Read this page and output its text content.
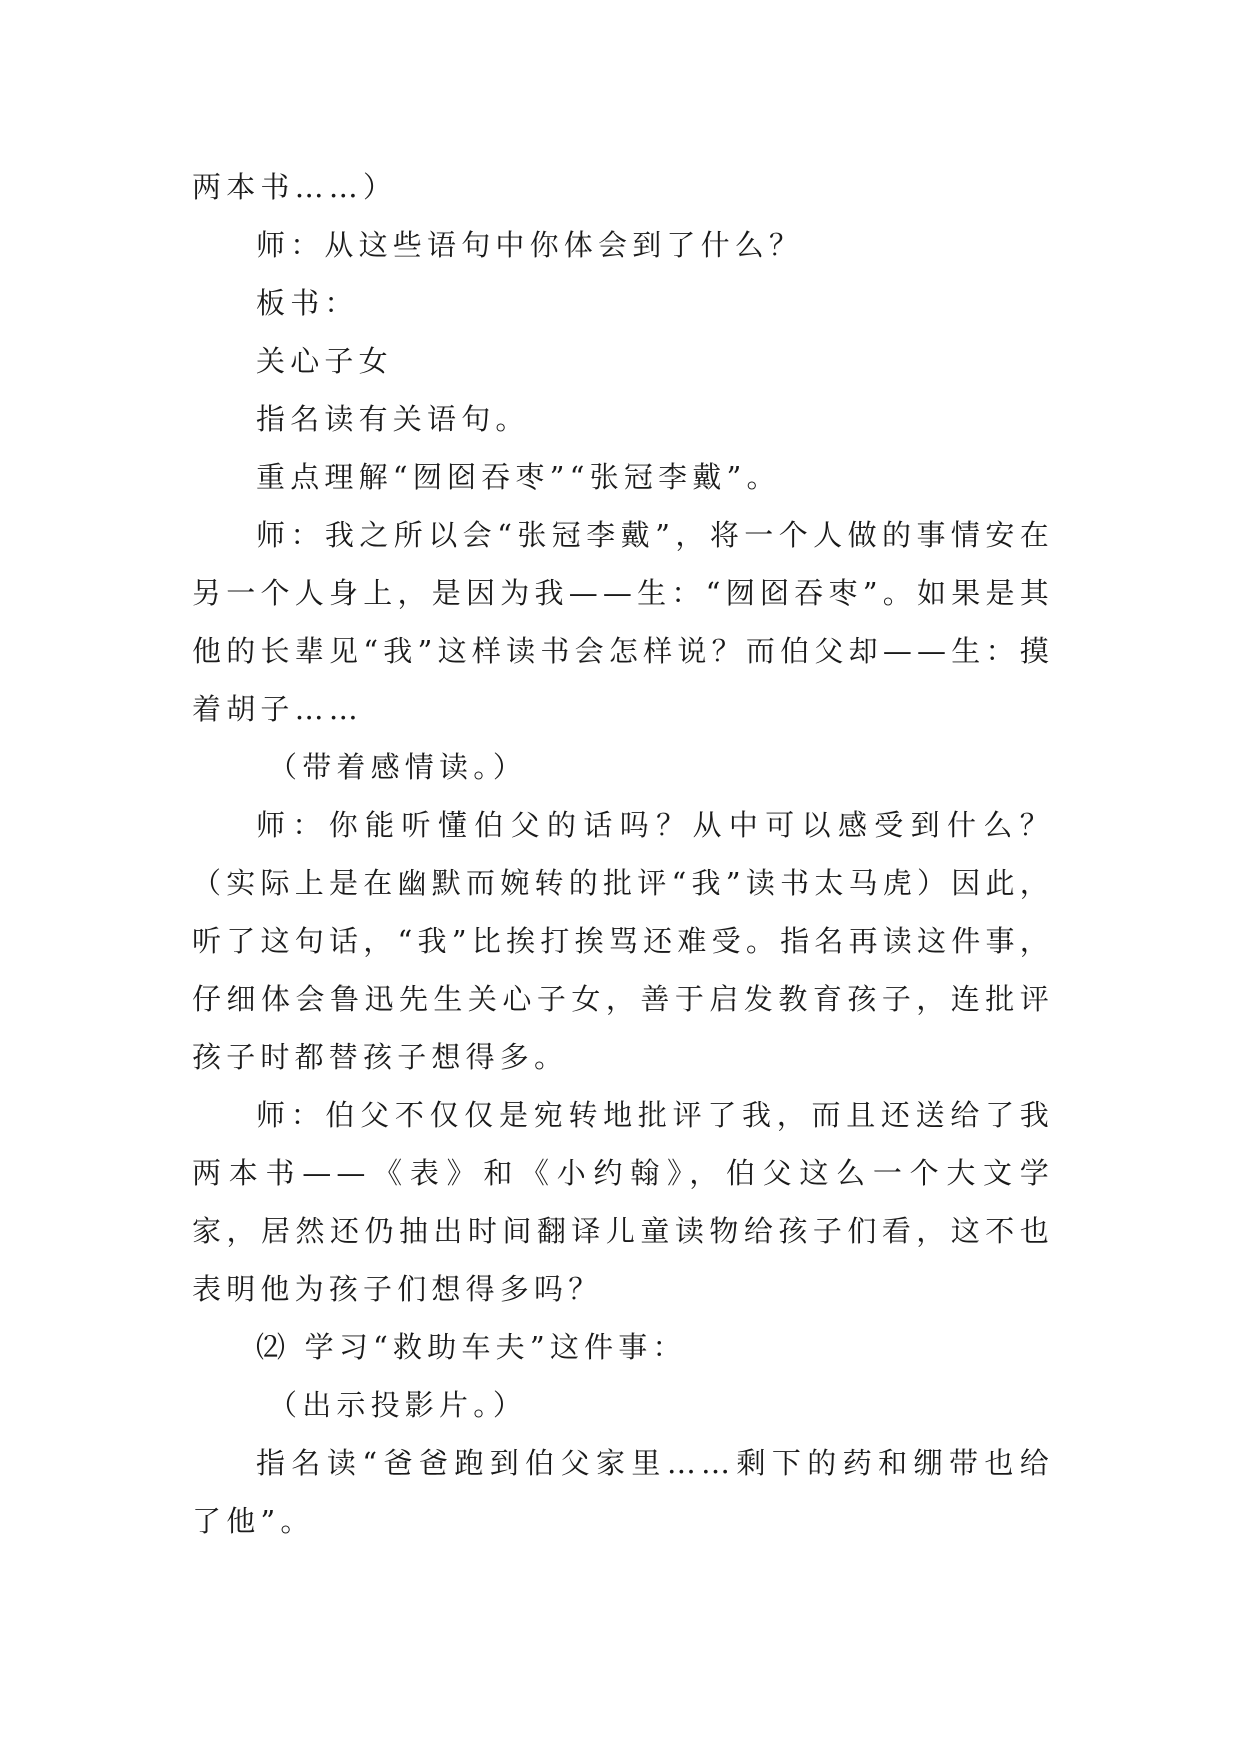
两本书……）

师：从这些语句中你体会到了什么？

板书：

关心子女

指名读有关语句。

重点理解“囫囵吞枣”“张冠李戴”。

师：我之所以会“张冠李戴”，将一个人做的事情安在另一个人身上，是因为我——生：“囫囵吞枣”。如果是其他的长辈见“我”这样读书会怎样说？而伯父却——生：摸着胡子……

（带着感情读。）

师：你能听懂伯父的话吗？从中可以感受到什么？（实际上是在幽默而婉转的批评“我”读书太马虎）因此，听了这句话，“我”比挨打挨骂还难受。指名再读这件事，仔细体会鲁迅先生关心子女，善于启发教育孩子，连批评孩子时都替孩子想得多。

师：伯父不仅仅是宛转地批评了我，而且还送给了我两本书——《表》和《小约翰》，伯父这么一个大文学家，居然还仍抽出时间翻译儿童读物给孩子们看，这不也表明他为孩子们想得多吗？

⑵ 学习“救助车夫”这件事：

（出示投影片。）

指名读“爸爸跑到伯父家里……剩下的药和绷带也给了他”。
